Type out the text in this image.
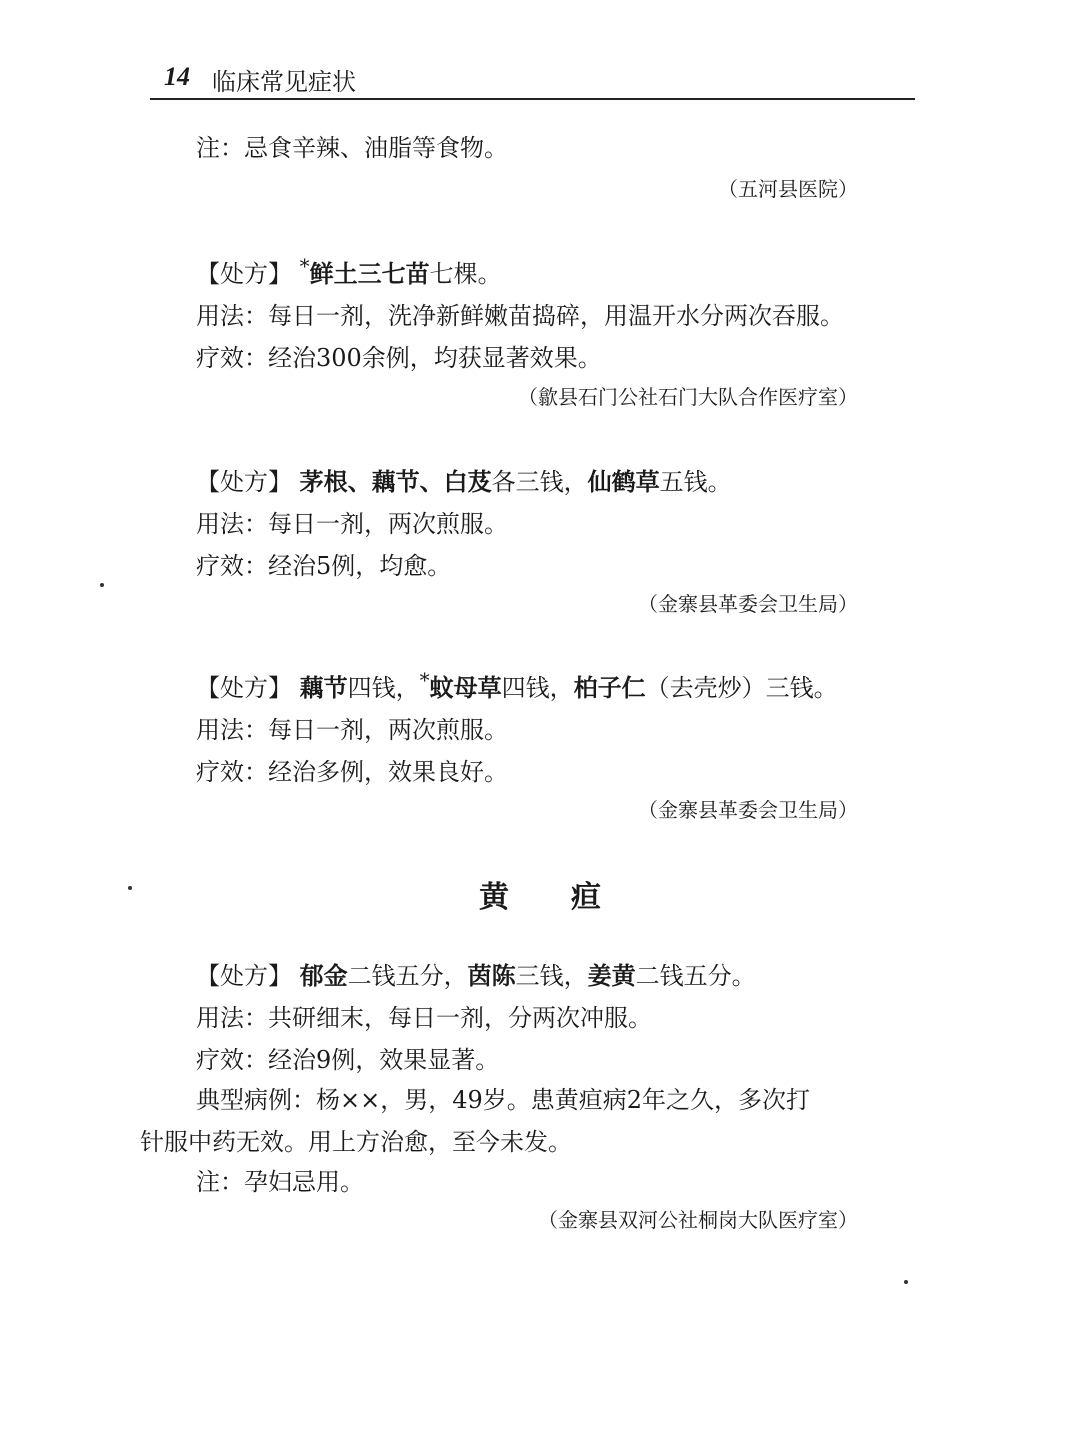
14 临床常见症状
注：忌食辛辣、油脂等食物。
（五河县医院）
【处方】 *鲜土三七苗七棵。
用法：每日一剂，洗净新鲜嫩苗捣碎，用温开水分两次吞服。
疗效：经治300余例，均获显著效果。
（歙县石门公社石门大队合作医疗室）
【处方】 茅根、藕节、白芨各三钱，仙鹤草五钱。
用法：每日一剂，两次煎服。
疗效：经治5例，均愈。
（金寨县革委会卫生局）
【处方】 藕节四钱，*蚊母草四钱，柏子仁（去壳炒）三钱。
用法：每日一剂，两次煎服。
疗效：经治多例，效果良好。
（金寨县革委会卫生局）
黄疸
【处方】 郁金二钱五分，茵陈三钱，姜黄二钱五分。
用法：共研细末，每日一剂，分两次冲服。
疗效：经治9例，效果显著。
典型病例：杨××，男，49岁。患黄疸病2年之久，多次打
针服中药无效。用上方治愈，至今未发。
注：孕妇忌用。
（金寨县双河公社桐岗大队医疗室）
